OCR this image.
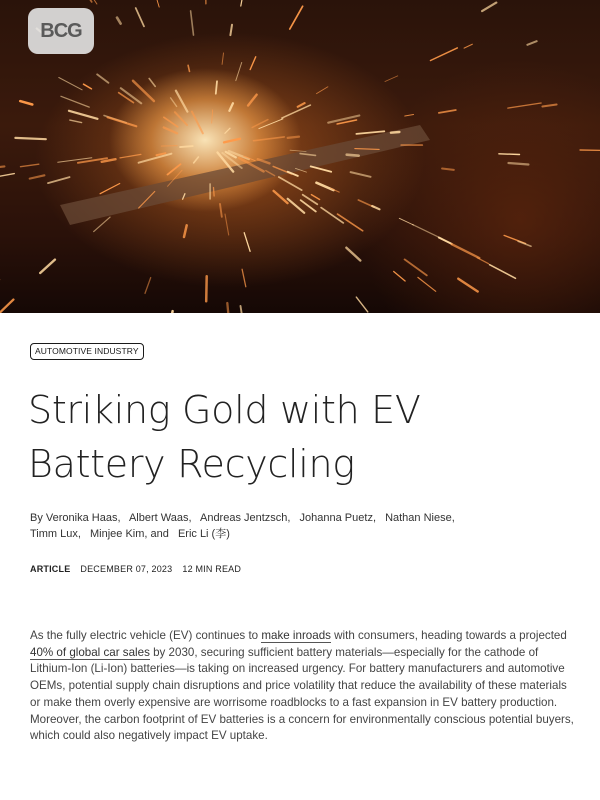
BCG
AUTOMOTIVE INDUSTRY
Striking Gold with EV
Battery Recycling
By Veronika Haas, Albert Waas, Andreas Jentzsch, Johanna Puetz, Nathan Niese, Timm Lux, Minjee Kim, and Eric Li (李)
ARTICLE DECEMBER 07, 2023 12 MIN READ

As the fully electric vehicle (EV) continues to make inroads with consumers, heading towards a projected 40% of global car sales by 2030, securing sufficient battery materials—especially for the cathode of Lithium-Ion (Li-Ion) batteries—is taking on increased urgency. For battery manufacturers and automotive OEMs, potential supply chain disruptions and price volatility that reduce the availability of these materials or make them overly expensive are worrisome roadblocks to a fast expansion in EV battery production. Moreover, the carbon footprint of EV batteries is a concern for environmentally conscious potential buyers, which could also negatively impact EV uptake.
